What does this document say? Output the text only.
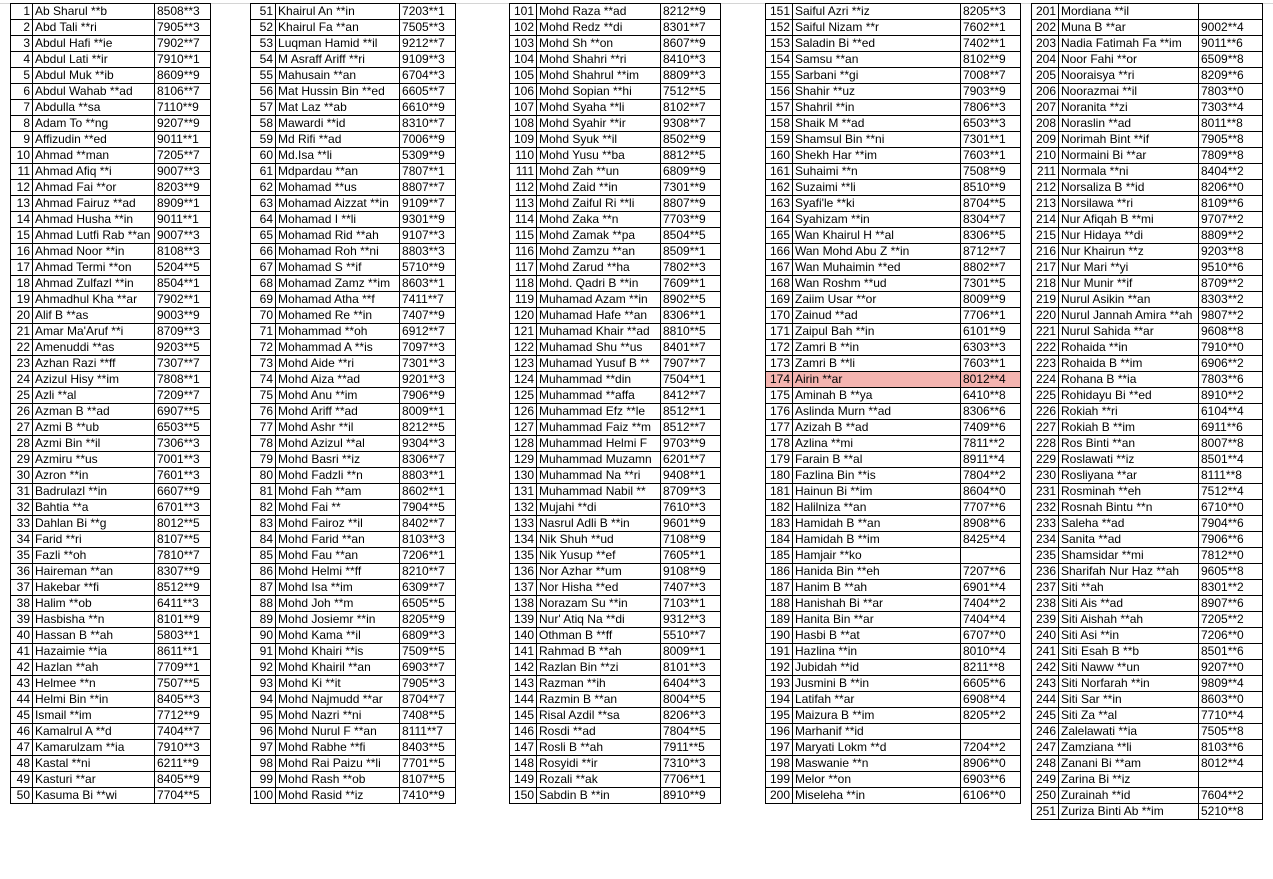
1	Ab Sharul **b	8508**3
2	Abd Tali **ri	7905**3
3	Abdul Hafi **ie	7902**7
4	Abdul Lati **ir	7910**1
5	Abdul Muk **ib	8609**9
6	Abdul Wahab **ad	8106**7
7	Abdulla **sa	7110**9
8	Adam To **ng	9207**9
9	Affizudin **ed	9011**1
10	Ahmad **man	7205**7
11	Ahmad Afiq **i	9007**3
12	Ahmad Fai **or	8203**9
13	Ahmad Fairuz **ad	8909**1
14	Ahmad Husha **in	9011**1
15	Ahmad Lutfi Rab **an	9007**3
16	Ahmad Noor **in	8108**3
17	Ahmad Termi **on	5204**5
18	Ahmad Zulfazl **in	8504**1
19	Ahmadhul Kha **ar	7902**1
20	Alif B **as	9003**9
21	Amar Ma'Aruf **i	8709**3
22	Amenuddi **as	9203**5
23	Azhan Razi **ff	7307**7
24	Azizul Hisy **im	7808**1
25	Azli **al	7209**7
26	Azman B **ad	6907**5
27	Azmi B **ub	6503**5
28	Azmi Bin **il	7306**3
29	Azmiru **us	7001**3
30	Azron **in	7601**3
31	Badrulazl **in	6607**9
32	Bahtia **a	6701**3
33	Dahlan Bi **g	8012**5
34	Farid **ri	8107**5
35	Fazli **oh	7810**7
36	Haireman **an	8307**9
37	Hakebar **fi	8512**9
38	Halim **ob	6411**3
39	Hasbisha **n	8101**9
40	Hassan B **ah	5803**1
41	Hazaimie **ia	8611**1
42	Hazlan **ah	7709**1
43	Helmee **n	7507**5
44	Helmi Bin **in	8405**3
45	Ismail **im	7712**9
46	Kamalrul A **d	7404**7
47	Kamarulzam **ia	7910**3
48	Kastal **ni	6211**9
49	Kasturi **ar	8405**9
50	Kasuma Bi **wi	7704**5
51	Khairul An **in	7203**1
52	Khairul Fa **an	7505**3
53	Luqman Hamid **il	9212**7
54	M Asraff Ariff **ri	9109**3
55	Mahusain **an	6704**3
56	Mat Hussin Bin **ed	6605**7
57	Mat Laz **ab	6610**9
58	Mawardi **id	8310**7
59	Md Rifi **ad	7006**9
60	Md.Isa **li	5309**9
61	Mdpardau **an	7807**1
62	Mohamad **us	8807**7
63	Mohamad Aizzat **in	9109**7
64	Mohamad I **li	9301**9
65	Mohamad Rid **ah	9107**3
66	Mohamad Roh **ni	8803**3
67	Mohamad S **if	5710**9
68	Mohamad Zamz **im	8603**1
69	Mohamad Atha **f	7411**7
70	Mohamed Re **in	7407**9
71	Mohammad **oh	6912**7
72	Mohammad A **is	7097**3
73	Mohd Aide **ri	7301**3
74	Mohd Aiza **ad	9201**3
75	Mohd Anu **im	7906**9
76	Mohd Ariff **ad	8009**1
77	Mohd Ashr **il	8212**5
78	Mohd Azizul **al	9304**3
79	Mohd Basri **iz	8306**7
80	Mohd Fadzli **n	8803**1
81	Mohd Fah **am	8602**1
82	Mohd Fai **	7904**5
83	Mohd Fairoz **il	8402**7
84	Mohd Farid **an	8103**3
85	Mohd Fau **an	7206**1
86	Mohd Helmi **ff	8210**7
87	Mohd Isa **im	6309**7
88	Mohd Joh **m	6505**5
89	Mohd Josiemr **in	8205**9
90	Mohd Kama **il	6809**3
91	Mohd Khairi **is	7509**5
92	Mohd Khairil **an	6903**7
93	Mohd Ki **it	7905**3
94	Mohd Najmudd **ar	8704**7
95	Mohd Nazri **ni	7408**5
96	Mohd Nurul F **an	8111**7
97	Mohd Rabhe **fi	8403**5
98	Mohd Rai Paizu **li	7701**5
99	Mohd Rash **ob	8107**5
100	Mohd Rasid **iz	7410**9
101	Mohd Raza **ad	8212**9
102	Mohd Redz **di	8301**7
103	Mohd Sh **on	8607**9
104	Mohd Shahri **ri	8410**3
105	Mohd Shahrul **im	8809**3
106	Mohd Sopian **hi	7512**5
107	Mohd Syaha **li	8102**7
108	Mohd Syahir **ir	9308**7
109	Mohd Syuk **il	8502**9
110	Mohd Yusu **ba	8812**5
111	Mohd Zah **un	6809**9
112	Mohd Zaid **in	7301**9
113	Mohd Zaiful Ri **li	8807**9
114	Mohd Zaka **n	7703**9
115	Mohd Zamak **pa	8504**5
116	Mohd Zamzu **an	8509**1
117	Mohd Zarud **ha	7802**3
118	Mohd. Qadri B **in	7609**1
119	Muhamad Azam **in	8902**5
120	Muhamad Hafe **an	8306**1
121	Muhamad Khair **ad	8810**5
122	Muhamad Shu **us	8401**7
123	Muhamad Yusuf B **	7907**7
124	Muhammad **din	7504**1
125	Muhammad **affa	8412**7
126	Muhammad Efz **le	8512**1
127	Muhammad Faiz **m	8512**7
128	Muhammad Helmi F	9703**9
129	Muhammad Muzamn	6201**7
130	Muhammad Na **ri	9408**1
131	Muhammad Nabil **	8709**3
132	Mujahi **di	7610**3
133	Nasrul Adli B **in	9601**9
134	Nik Shuh **ud	7108**9
135	Nik Yusup **ef	7605**1
136	Nor Azhar **um	9108**9
137	Nor Hisha **ed	7407**3
138	Norazam Su **in	7103**1
139	Nur' Atiq Na **di	9312**3
140	Othman B **ff	5510**7
141	Rahmad B **ah	8009**1
142	Razlan Bin **zi	8101**3
143	Razman **ih	6404**3
144	Razmin B **an	8004**5
145	Risal Azdil **sa	8206**3
146	Rosdi **ad	7804**5
147	Rosli B **ah	7911**5
148	Rosyidi **ir	7310**3
149	Rozali **ak	7706**1
150	Sabdin B **in	8910**9
151	Saiful Azri **iz	8205**3
152	Saiful Nizam **r	7602**1
153	Saladin Bi **ed	7402**1
154	Samsu **an	8102**9
155	Sarbani **gi	7008**7
156	Shahir **uz	7903**9
157	Shahril **in	7806**3
158	Shaik M **ad	6503**3
159	Shamsul Bin **ni	7301**1
160	Shekh Har **im	7603**1
161	Suhaimi **n	7508**9
162	Suzaimi **li	8510**9
163	Syafi'le **ki	8704**5
164	Syahizam **in	8304**7
165	Wan Khairul H **al	8306**5
166	Wan Mohd Abu Z **in	8712**7
167	Wan Muhaimin **ed	8802**7
168	Wan Roshm **ud	7301**5
169	Zaiim Usar **or	8009**9
170	Zainud **ad	7706**1
171	Zaipul Bah **in	6101**9
172	Zamri B **in	6303**3
173	Zamri B **li	7603**1
174	Airin **ar	8012**4
175	Aminah B **ya	6410**8
176	Aslinda Murn **ad	8306**6
177	Azizah B **ad	7409**6
178	Azlina **mi	7811**2
179	Farain B **al	8911**4
180	Fazlina Bin **is	7804**2
181	Hainun Bi **im	8604**0
182	Halilniza **an	7707**6
183	Hamidah B **an	8908**6
184	Hamidah B **im	8425**4
185	Hamjair **ko	
186	Hanida Bin **eh	7207**6
187	Hanim B **ah	6901**4
188	Hanishah Bi **ar	7404**2
189	Hanita Bin **ar	7404**4
190	Hasbi B **at	6707**0
191	Hazlina **in	8010**4
192	Jubidah **id	8211**8
193	Jusmini B **in	6605**6
194	Latifah **ar	6908**4
195	Maizura B **im	8205**2
196	Marhanif **id	
197	Maryati Lokm **d	7204**2
198	Maswanie **n	8906**0
199	Melor **on	6903**6
200	Miseleha **in	6106**0
201	Mordiana **il	
202	Muna B **ar	9002**4
203	Nadia Fatimah Fa **im	9011**6
204	Noor Fahi **or	6509**8
205	Nooraisya **ri	8209**6
206	Noorazmai **il	7803**0
207	Noranita **zi	7303**4
208	Noraslin **ad	8011**8
209	Norimah Bint **if	7905**8
210	Normaini Bi **ar	7809**8
211	Normala **ni	8404**2
212	Norsaliza B **id	8206**0
213	Norsilawa **ri	8109**6
214	Nur Afiqah B **mi	9707**2
215	Nur Hidaya **di	8809**2
216	Nur Khairun **z	9203**8
217	Nur Mari **yi	9510**6
218	Nur Munir **if	8709**2
219	Nurul Asikin **an	8303**2
220	Nurul Jannah Amira **ah	9807**2
221	Nurul Sahida **ar	9608**8
222	Rohaida **in	7910**0
223	Rohaida B **im	6906**2
224	Rohana B **ia	7803**6
225	Rohidayu Bi **ed	8910**2
226	Rokiah **ri	6104**4
227	Rokiah B **im	6911**6
228	Ros Binti **an	8007**8
229	Roslawati **iz	8501**4
230	Rosliyana **ar	8111**8
231	Rosminah **eh	7512**4
232	Rosnah Bintu **n	6710**0
233	Saleha **ad	7904**6
234	Sanita **ad	7906**6
235	Shamsidar **mi	7812**0
236	Sharifah Nur Haz **ah	9605**8
237	Siti **ah	8301**2
238	Siti Ais **ad	8907**6
239	Siti Aishah **ah	7205**2
240	Siti Asi **in	7206**0
241	Siti Esah B **b	8501**6
242	Siti Naww **un	9207**0
243	Siti Norfarah **in	9809**4
244	Siti Sar **in	8603**0
245	Siti Za **al	7710**4
246	Zalelawati **ia	7505**8
247	Zamziana **li	8103**6
248	Zanani Bi **am	8012**4
249	Zarina Bi **iz	
250	Zurainah **id	7604**2
251	Zuriza Binti Ab **im	5210**8
